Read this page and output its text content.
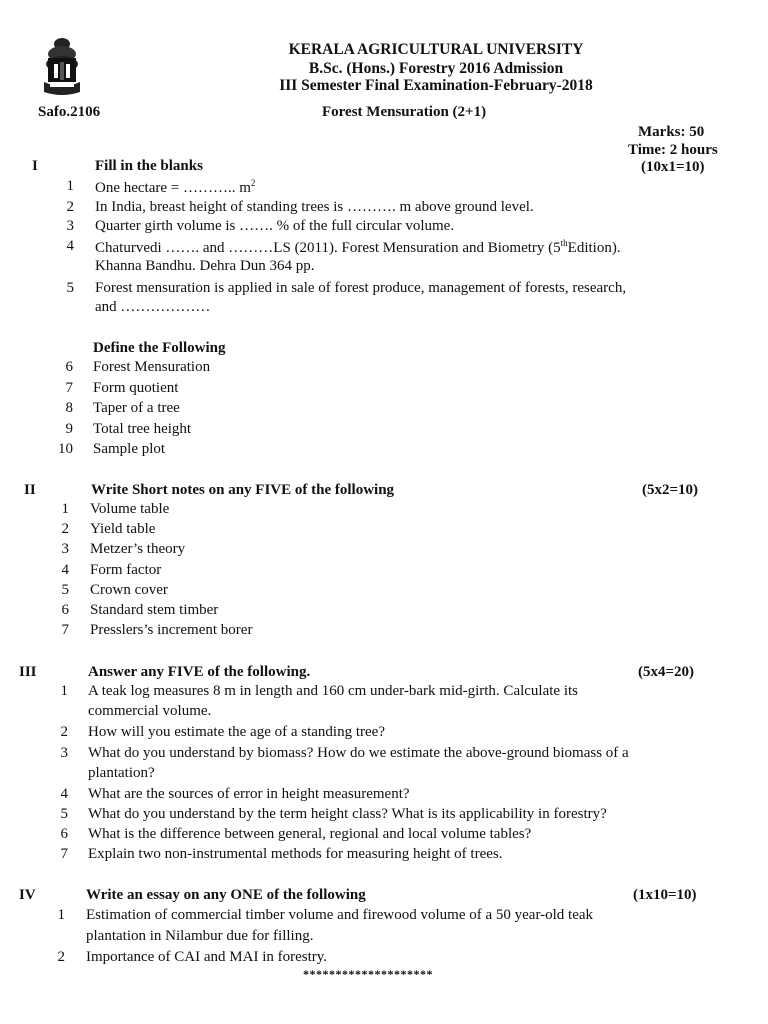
KERALA AGRICULTURAL UNIVERSITY
B.Sc. (Hons.) Forestry 2016 Admission
III Semester Final Examination-February-2018
Safo.2106	Forest Mensuration (2+1)
Marks: 50
Time: 2 hours
I	Fill in the blanks	(10x1=10)
1 One hectare = ……….. $m^2$
2 In India, breast height of standing trees is ………. m above ground level.
3 Quarter girth volume is ……. % of the full circular volume.
4 Chaturvedi ……. and ………LS (2011). Forest Mensuration and Biometry (5thEdition).
Khanna Bandhu. Dehra Dun 364 pp.
5 Forest mensuration is applied in sale of forest produce, management of forests, research,
and ………………
Define the Following
6 Forest Mensuration
7 Form quotient
8 Taper of a tree
9 Total tree height
10 Sample plot
II	Write Short notes on any FIVE of the following	(5x2=10)
1 Volume table
2 Yield table
3 Metzer’s theory
4 Form factor
5 Crown cover
6 Standard stem timber
7 Presslers’s increment borer
III	Answer any FIVE of the following.	(5x4=20)
1 A teak log measures 8 m in length and 160 cm under-bark mid-girth. Calculate its
commercial volume.
2 How will you estimate the age of a standing tree?
3 What do you understand by biomass? How do we estimate the above-ground biomass of a
plantation?
4 What are the sources of error in height measurement?
5 What do you understand by the term height class? What is its applicability in forestry?
6 What is the difference between general, regional and local volume tables?
7 Explain two non-instrumental methods for measuring height of trees.
IV	Write an essay on any ONE of the following	(1x10=10)
1 Estimation of commercial timber volume and firewood volume of a 50 year-old teak
plantation in Nilambur due for filling.
2 Importance of CAI and MAI in forestry.
********************
